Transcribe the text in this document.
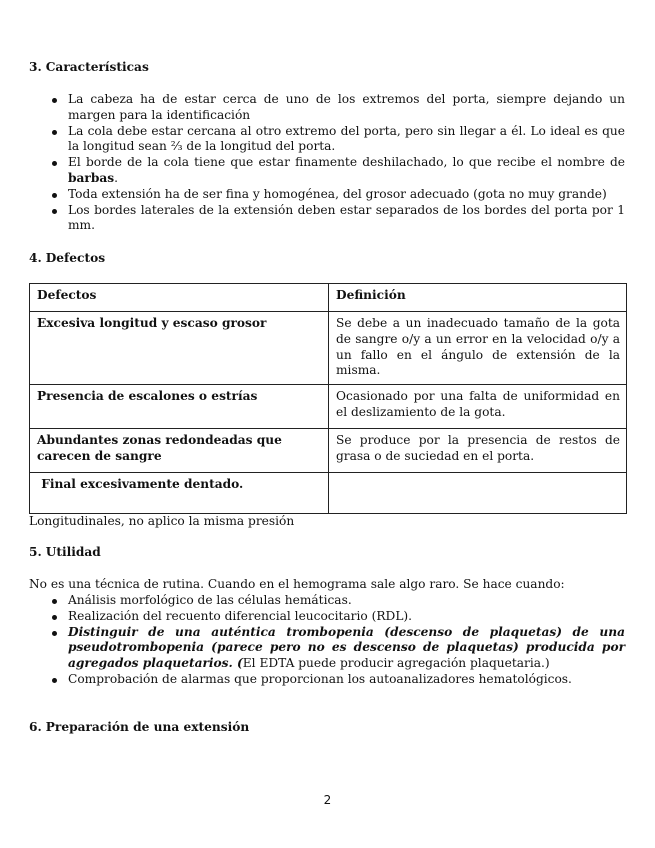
3. Características
La cabeza ha de estar cerca de uno de los extremos del porta, siempre dejando un margen para la identificación
La cola debe estar cercana al otro extremo del porta, pero sin llegar a él. Lo ideal es que la longitud sean ⅔ de la longitud del porta.
El borde de la cola tiene que estar finamente deshilachado, lo que recibe el nombre de barbas.
Toda extensión ha de ser fina y homogénea, del grosor adecuado (gota no muy grande)
Los bordes laterales de la extensión deben estar separados de los bordes del porta por 1 mm.
4. Defectos
Defectos	Definición
Excesiva longitud y escaso grosor	Se debe a un inadecuado tamaño de la gota de sangre o/y a un error en la velocidad o/y a un fallo en el ángulo de extensión de la misma.
Presencia de escalones o estrías	Ocasionado por una falta de uniformidad en el deslizamiento de la gota.
Abundantes zonas redondeadas que carecen de sangre	Se produce por la presencia de restos de grasa o de suciedad en el porta.
Final excesivamente dentado.	
Longitudinales, no aplico la misma presión
5. Utilidad
No es una técnica de rutina. Cuando en el hemograma sale algo raro. Se hace cuando:
Análisis morfológico de las células hemáticas.
Realización del recuento diferencial leucocitario (RDL).
Distinguir de una auténtica trombopenia (descenso de plaquetas) de una pseudotrombopenia (parece pero no es descenso de plaquetas) producida por agregados plaquetarios. (El EDTA puede producir agregación plaquetaria.)
Comprobación de alarmas que proporcionan los autoanalizadores hematológicos.
6. Preparación de una extensión
2
